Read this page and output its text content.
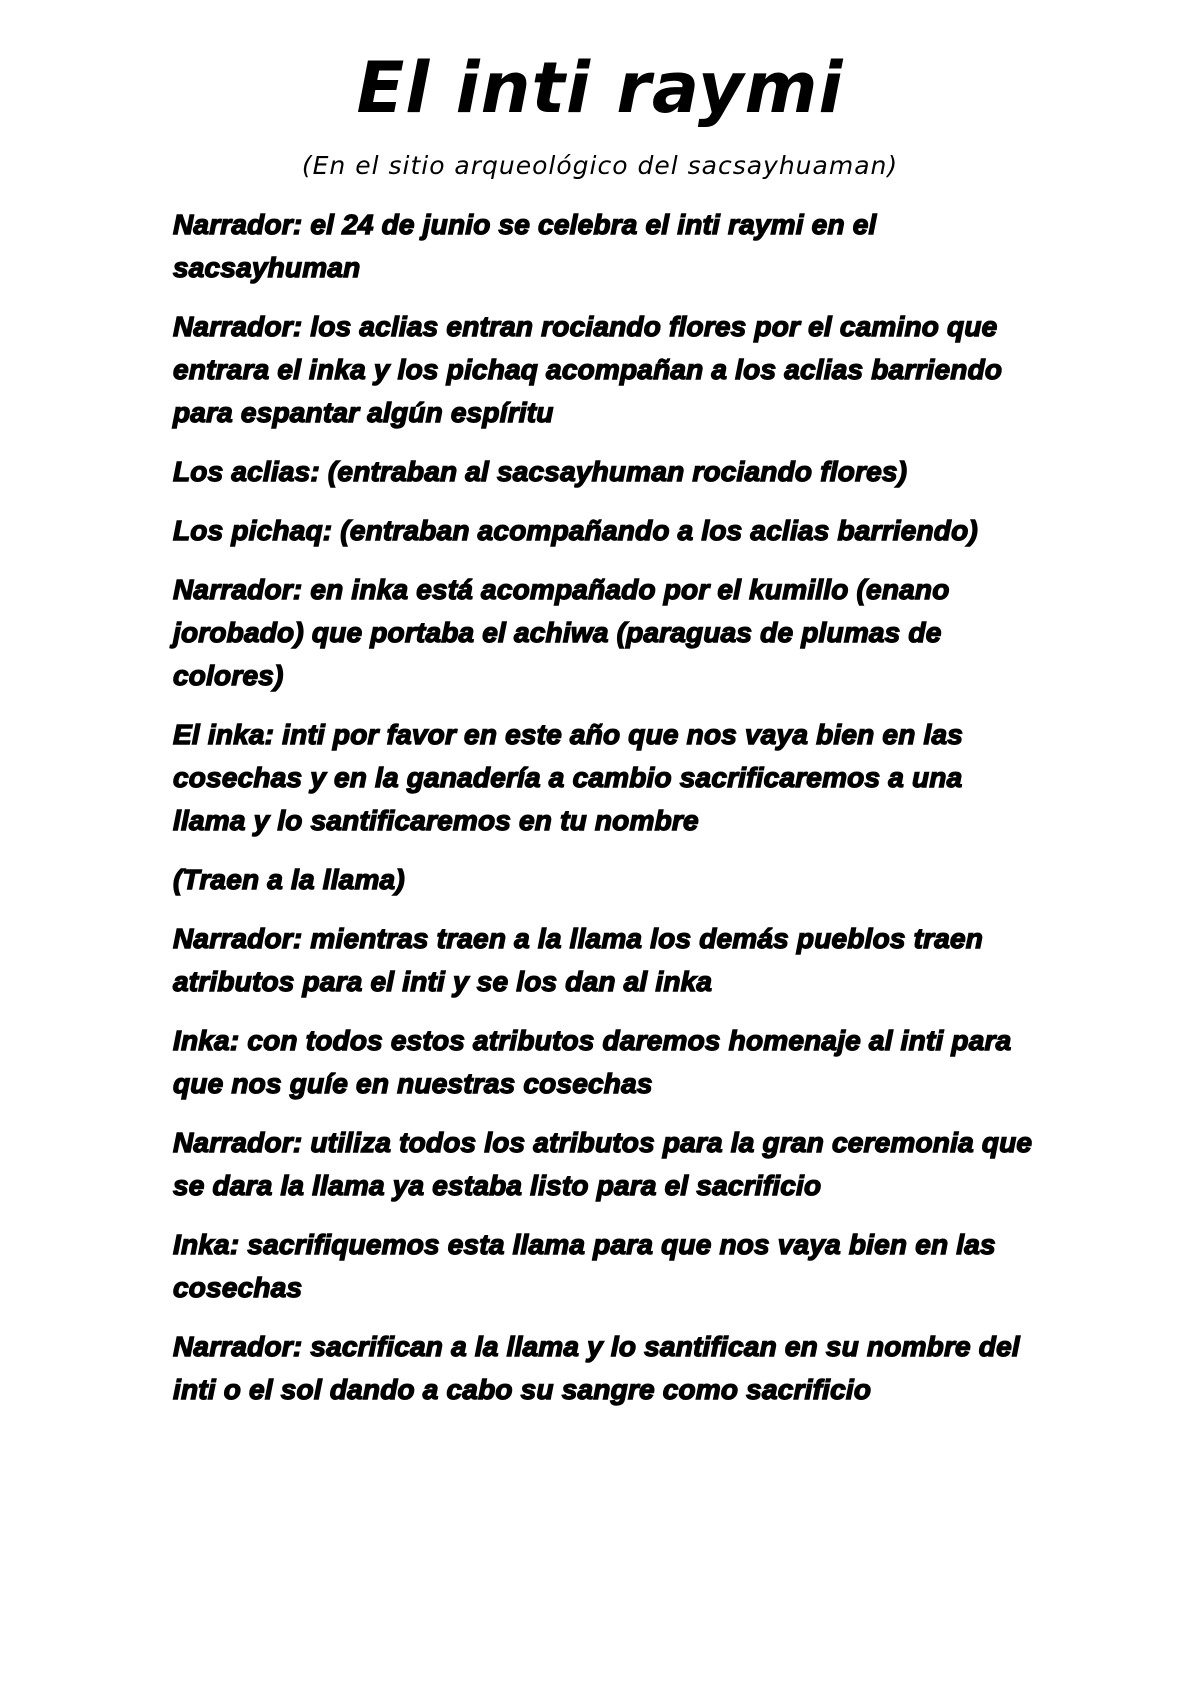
El inti raymi

(En el sitio arqueológico del sacsayhuaman)

Narrador: el 24 de junio se celebra el inti raymi en el sacsayhuman

Narrador: los aclias entran rociando flores por el camino que entrara el inka y los pichaq acompañan a los aclias barriendo para espantar algún espíritu

Los aclias: (entraban al sacsayhuman rociando flores)

Los pichaq: (entraban acompañando a los aclias barriendo)

Narrador: en inka está acompañado por el kumillo (enano jorobado) que portaba el achiwa (paraguas de plumas de colores)

El inka: inti por favor en este año que nos vaya bien en las cosechas y en la ganadería a cambio sacrificaremos a una llama y lo santificaremos en tu nombre

(Traen a la llama)

Narrador: mientras traen a la llama los demás pueblos traen atributos para el inti y se los dan al inka

Inka: con todos estos atributos daremos homenaje al inti para que nos guíe en nuestras cosechas

Narrador: utiliza todos los atributos para la gran ceremonia que se dara la llama ya estaba listo para el sacrificio

Inka: sacrifiquemos esta llama para que nos vaya bien en las cosechas

Narrador: sacrifican a la llama y lo santifican en su nombre del inti o el sol dando a cabo su sangre como sacrificio
